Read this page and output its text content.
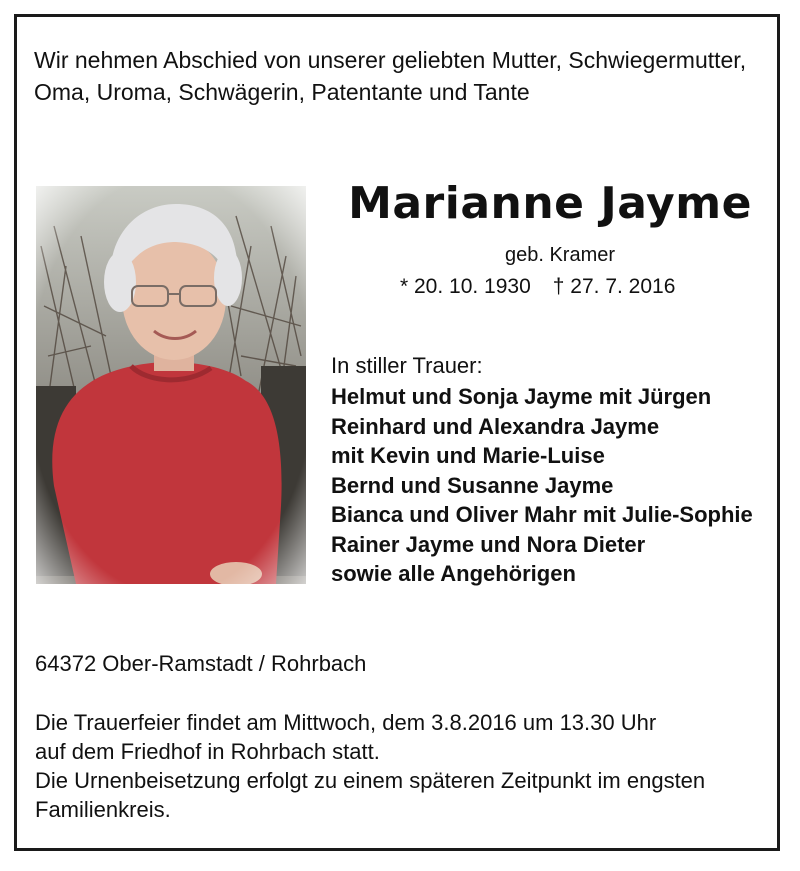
Wir nehmen Abschied von unserer geliebten Mutter, Schwiegermutter, Oma, Uroma, Schwägerin, Patentante und Tante

Marianne Jayme
geb. Kramer
* 20. 10. 1930 † 27. 7. 2016
In stiller Trauer:
Helmut und Sonja Jayme mit Jürgen
Reinhard und Alexandra Jayme
mit Kevin und Marie-Luise
Bernd und Susanne Jayme
Bianca und Oliver Mahr mit Julie-Sophie
Rainer Jayme und Nora Dieter
sowie alle Angehörigen
64372 Ober-Ramstadt / Rohrbach

Die Trauerfeier findet am Mittwoch, dem 3.8.2016 um 13.30 Uhr
auf dem Friedhof in Rohrbach statt.
Die Urnenbeisetzung erfolgt zu einem späteren Zeitpunkt im engsten
Familienkreis.
